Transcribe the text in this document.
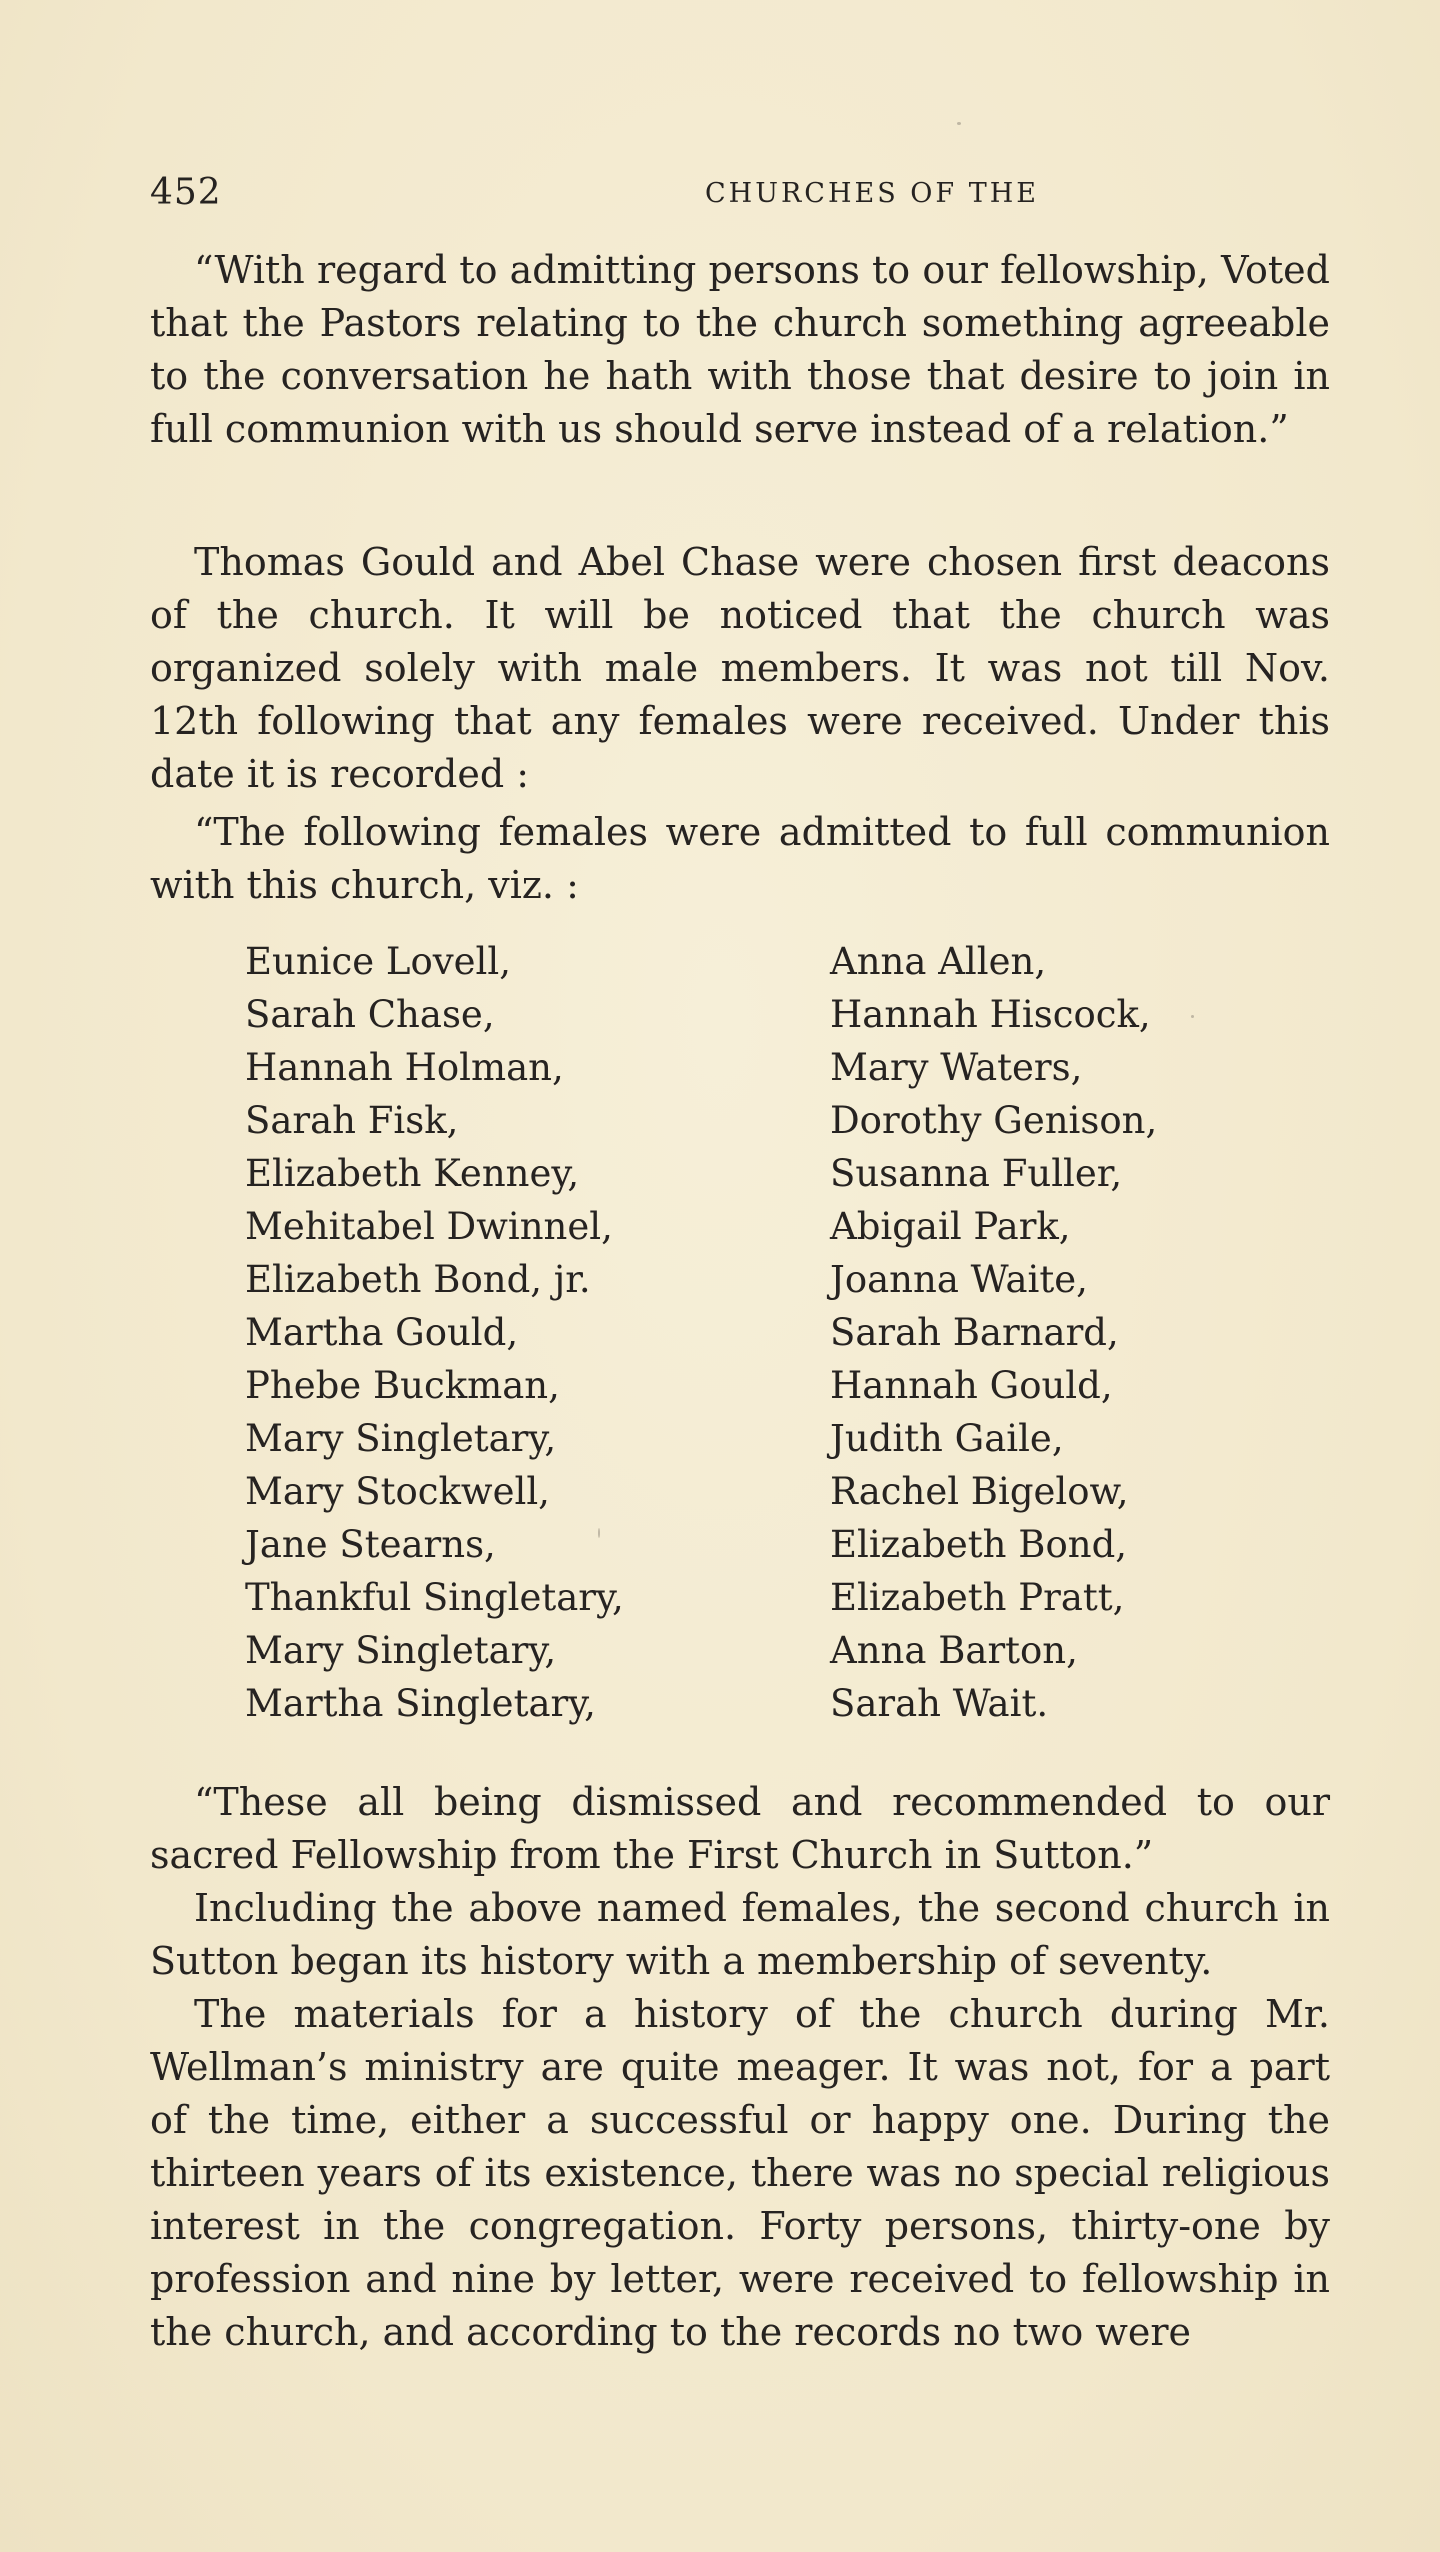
452	CHURCHES OF THE

“With regard to admitting persons to our fellowship, Voted that the Pastors relating to the church something agreeable to the conversation he hath with those that desire to join in full communion with us should serve instead of a relation.”

Thomas Gould and Abel Chase were chosen first deacons of the church. It will be noticed that the church was organized solely with male members. It was not till Nov. 12th following that any females were received. Under this date it is recorded :

“The following females were admitted to full communion with this church, viz. :

Eunice Lovell,
Sarah Chase,
Hannah Holman,
Sarah Fisk,
Elizabeth Kenney,
Mehitabel Dwinnel,
Elizabeth Bond, jr.
Martha Gould,
Phebe Buckman,
Mary Singletary,
Mary Stockwell,
Jane Stearns,
Thankful Singletary,
Mary Singletary,
Martha Singletary,
Anna Allen,
Hannah Hiscock,
Mary Waters,
Dorothy Genison,
Susanna Fuller,
Abigail Park,
Joanna Waite,
Sarah Barnard,
Hannah Gould,
Judith Gaile,
Rachel Bigelow,
Elizabeth Bond,
Elizabeth Pratt,
Anna Barton,
Sarah Wait.

“These all being dismissed and recommended to our sacred Fellowship from the First Church in Sutton.”

Including the above named females, the second church in Sutton began its history with a membership of seventy.

The materials for a history of the church during Mr. Wellman’s ministry are quite meager. It was not, for a part of the time, either a successful or happy one. During the thirteen years of its existence, there was no special religious interest in the congregation. Forty persons, thirty-one by profession and nine by letter, were received to fellowship in the church, and according to the records no two were
